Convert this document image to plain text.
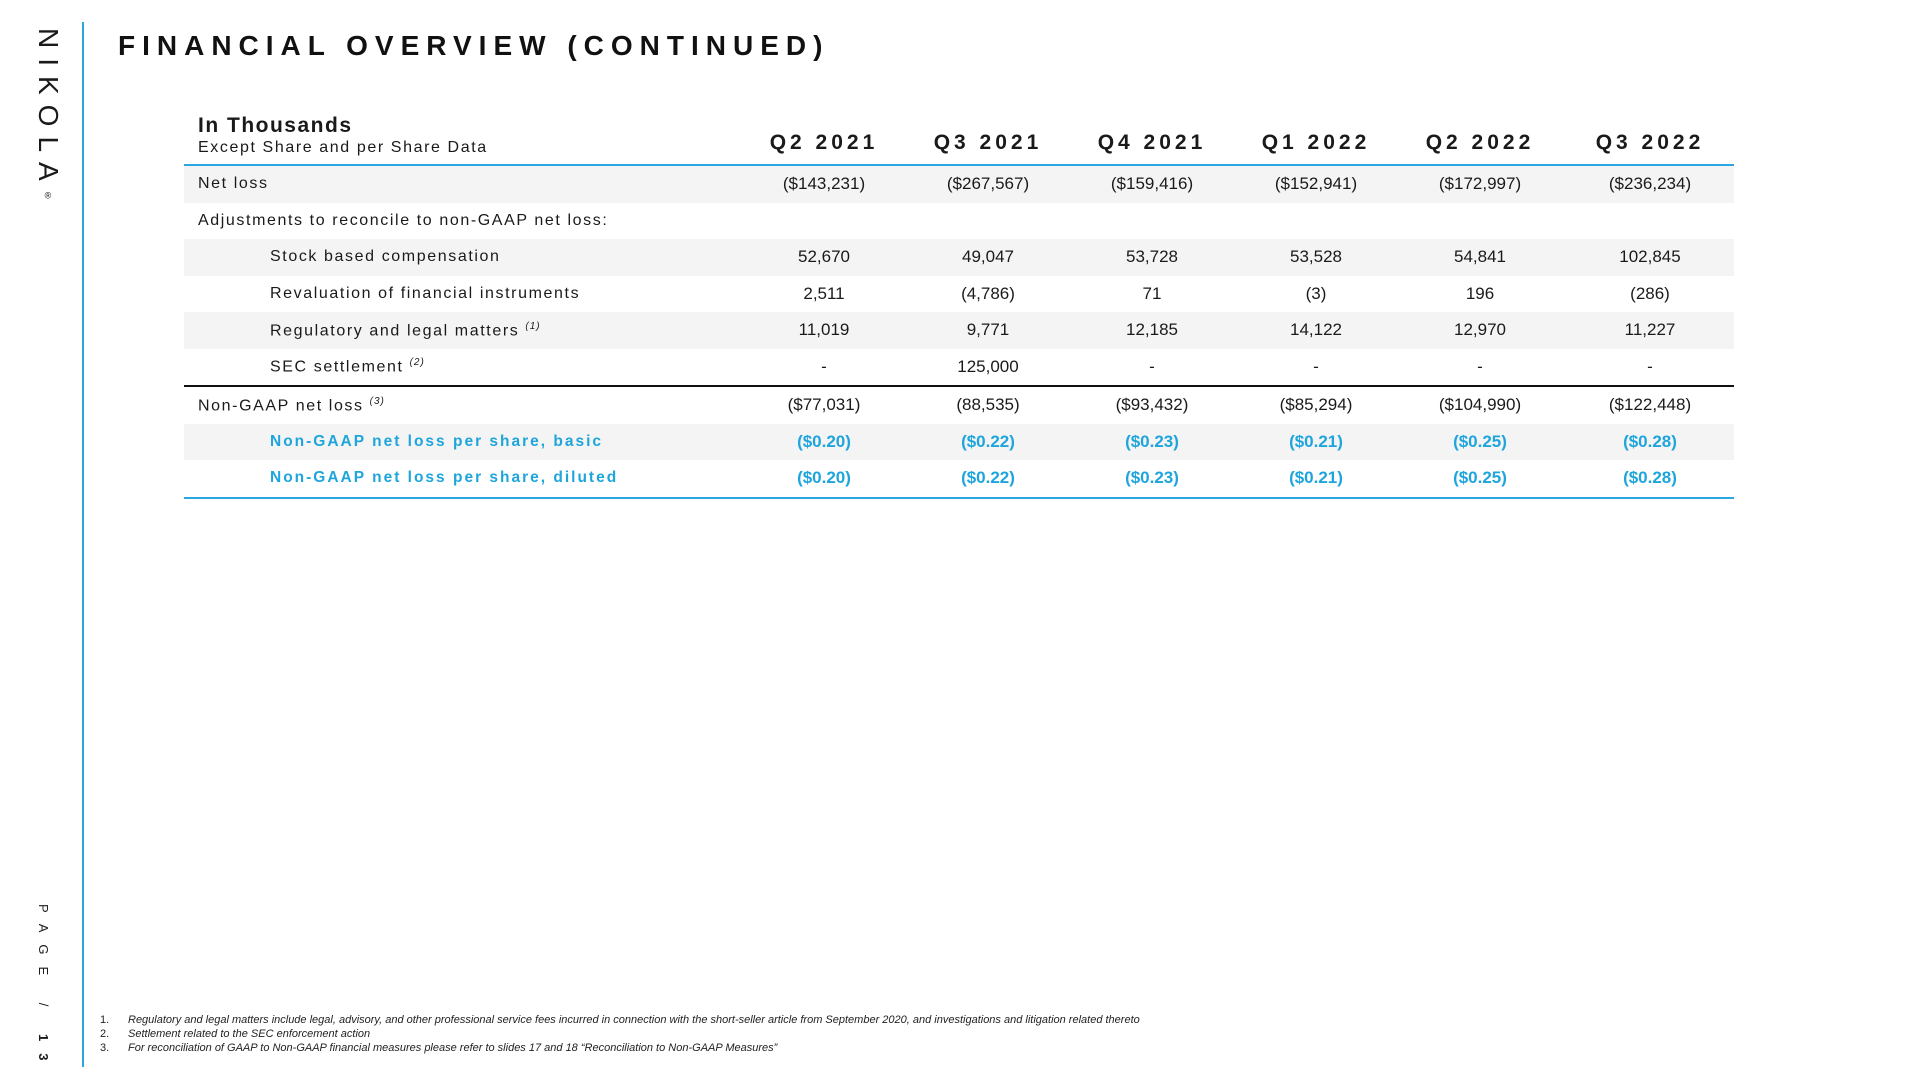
NIKOLA®
PAGE / 13
FINANCIAL OVERVIEW (CONTINUED)
In Thousands
Except Share and per Share Data	Q2 2021	Q3 2021	Q4 2021	Q1 2022	Q2 2022	Q3 2022
Net loss	($143,231)	($267,567)	($159,416)	($152,941)	($172,997)	($236,234)
Adjustments to reconcile to non-GAAP net loss:
Stock based compensation	52,670	49,047	53,728	53,528	54,841	102,845
Revaluation of financial instruments	2,511	(4,786)	71	(3)	196	(286)
Regulatory and legal matters $^{(1)}$	11,019	9,771	12,185	14,122	12,970	11,227
SEC settlement $^{(2)}$	-	125,000	-	-	-	-
Non-GAAP net loss $^{(3)}$	($77,031)	(88,535)	($93,432)	($85,294)	($104,990)	($122,448)
Non-GAAP net loss per share, basic	($0.20)	($0.22)	($0.23)	($0.21)	($0.25)	($0.28)
Non-GAAP net loss per share, diluted	($0.20)	($0.22)	($0.23)	($0.21)	($0.25)	($0.28)
1.	Regulatory and legal matters include legal, advisory, and other professional service fees incurred in connection with the short-seller article from September 2020, and investigations and litigation related thereto
2.	Settlement related to the SEC enforcement action
3.	For reconciliation of GAAP to Non-GAAP financial measures please refer to slides 17 and 18 “Reconciliation to Non-GAAP Measures”
